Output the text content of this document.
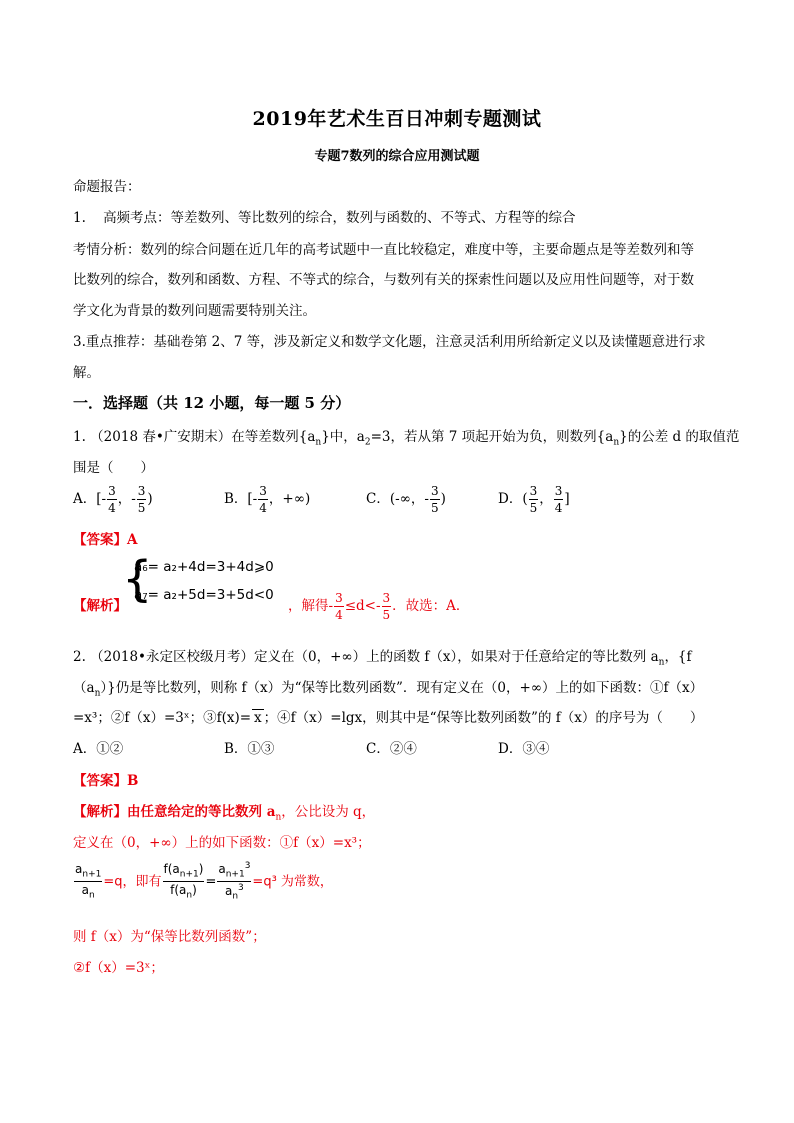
2019年艺术生百日冲刺专题测试
专题7数列的综合应用测试题
命题报告：
1. 高频考点：等差数列、等比数列的综合，数列与函数的、不等式、方程等的综合
考情分析：数列的综合问题在近几年的高考试题中一直比较稳定，难度中等，主要命题点是等差数列和等
比数列的综合，数列和函数、方程、不等式的综合，与数列有关的探索性问题以及应用性问题等，对于数
学文化为背景的数列问题需要特别关注。
3.重点推荐：基础卷第 2、7 等，涉及新定义和数学文化题，注意灵活利用所给新定义以及读懂题意进行求
解。
一．选择题（共 12 小题，每一题 5 分）
1. （2018 春•广安期末）在等差数列$\{a_n\}$中，$a_2=3$，若从第 7 项起开始为负，则数列$\{a_n\}$的公差 d 的取值范
围是（　　）
A．[- $\frac{3}{4}$ ，- $\frac{3}{5}$ )	B．[- $\frac{3}{4}$ ，+∞)	C．(-∞，- $\frac{3}{5}$ )	D．( $\frac{3}{5}$ ， $\frac{3}{4}$ ]
【答案】A
{
a₆= a₂+4d=3+4d⩾0
a₇= a₂+5d=3+5d<0
【解析】	，解得- $\frac{3}{4} \le d<- \frac{3}{5}$ ．故选：A．
2. （2018•永定区校级月考）定义在（0，+∞）上的函数 f（x），如果对于任意给定的等比数列 $a_n$，{f
$(a_n)$}仍是等比数列，则称 f（x）为“保等比数列函数”．现有定义在（0，+∞）上的如下函数：①f（x）
=x³；②f（x）=3ˣ；③f(x)= x ；④f（x）=lgx，则其中是“保等比数列函数”的 f（x）的序号为（　　）
A．①②	B．①③	C．②④	D．③④
【答案】B
【解析】由任意给定的等比数列 $a_n$，公比设为 q，
定义在（0，+∞）上的如下函数：①f（x）=x³；
$\frac{a_{n+1}}{a_n} =q$，即有 $\frac{f(a_{n+1})}{f(a_n)} = \frac{a_{n+1}^3}{a_n^3} =q^3$ 为常数，
则 f（x）为“保等比数列函数”；
②f（x）=3ˣ；
